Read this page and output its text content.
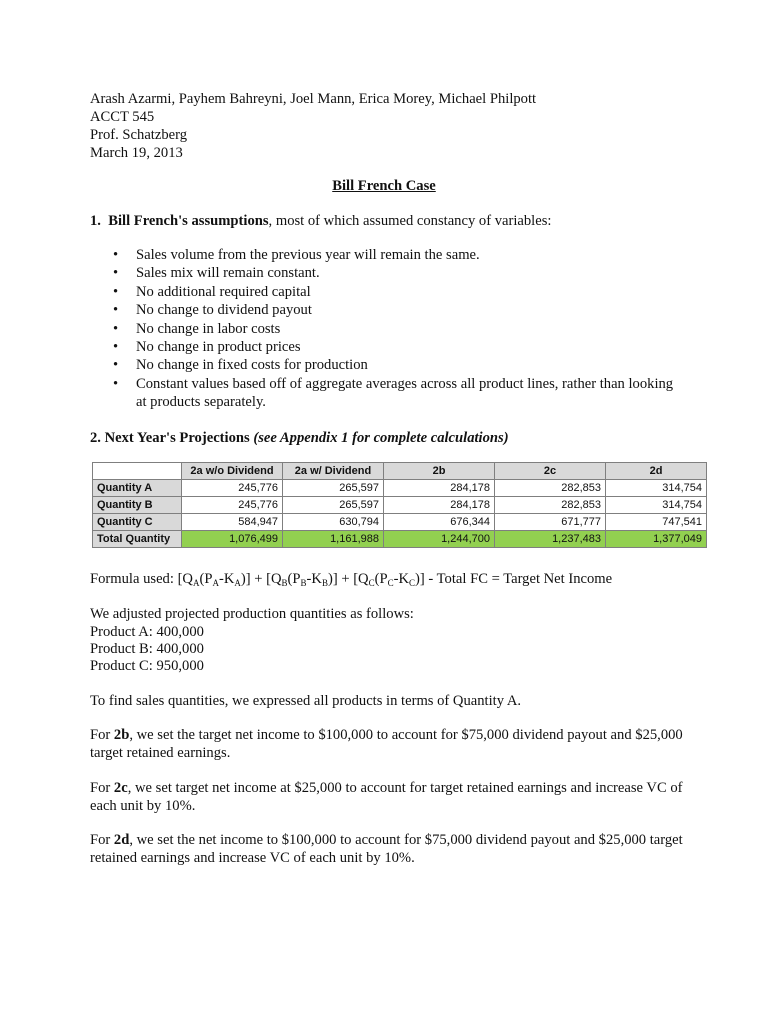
Arash Azarmi, Payhem Bahreyni, Joel Mann, Erica Morey, Michael Philpott
ACCT 545
Prof. Schatzberg
March 19, 2013
Bill French Case
1. Bill French's assumptions, most of which assumed constancy of variables:
• Sales volume from the previous year will remain the same.
• Sales mix will remain constant.
• No additional required capital
• No change to dividend payout
• No change in labor costs
• No change in product prices
• No change in fixed costs for production
• Constant values based off of aggregate averages across all product lines, rather than looking at products separately.
2. Next Year's Projections (see Appendix 1 for complete calculations)
	2a w/o Dividend	2a w/ Dividend	2b	2c	2d
Quantity A	245,776	265,597	284,178	282,853	314,754
Quantity B	245,776	265,597	284,178	282,853	314,754
Quantity C	584,947	630,794	676,344	671,777	747,541
Total Quantity	1,076,499	1,161,988	1,244,700	1,237,483	1,377,049
Formula used: $[Q_A(P_A-K_A)] + [Q_B(P_B-K_B)] + [Q_C(P_C-K_C)]$ - Total FC = Target Net Income
We adjusted projected production quantities as follows:
Product A: 400,000
Product B: 400,000
Product C: 950,000
To find sales quantities, we expressed all products in terms of Quantity A.
For 2b, we set the target net income to $100,000 to account for $75,000 dividend payout and $25,000 target retained earnings.
For 2c, we set target net income at $25,000 to account for target retained earnings and increase VC of each unit by 10%.
For 2d, we set the net income to $100,000 to account for $75,000 dividend payout and $25,000 target retained earnings and increase VC of each unit by 10%.
